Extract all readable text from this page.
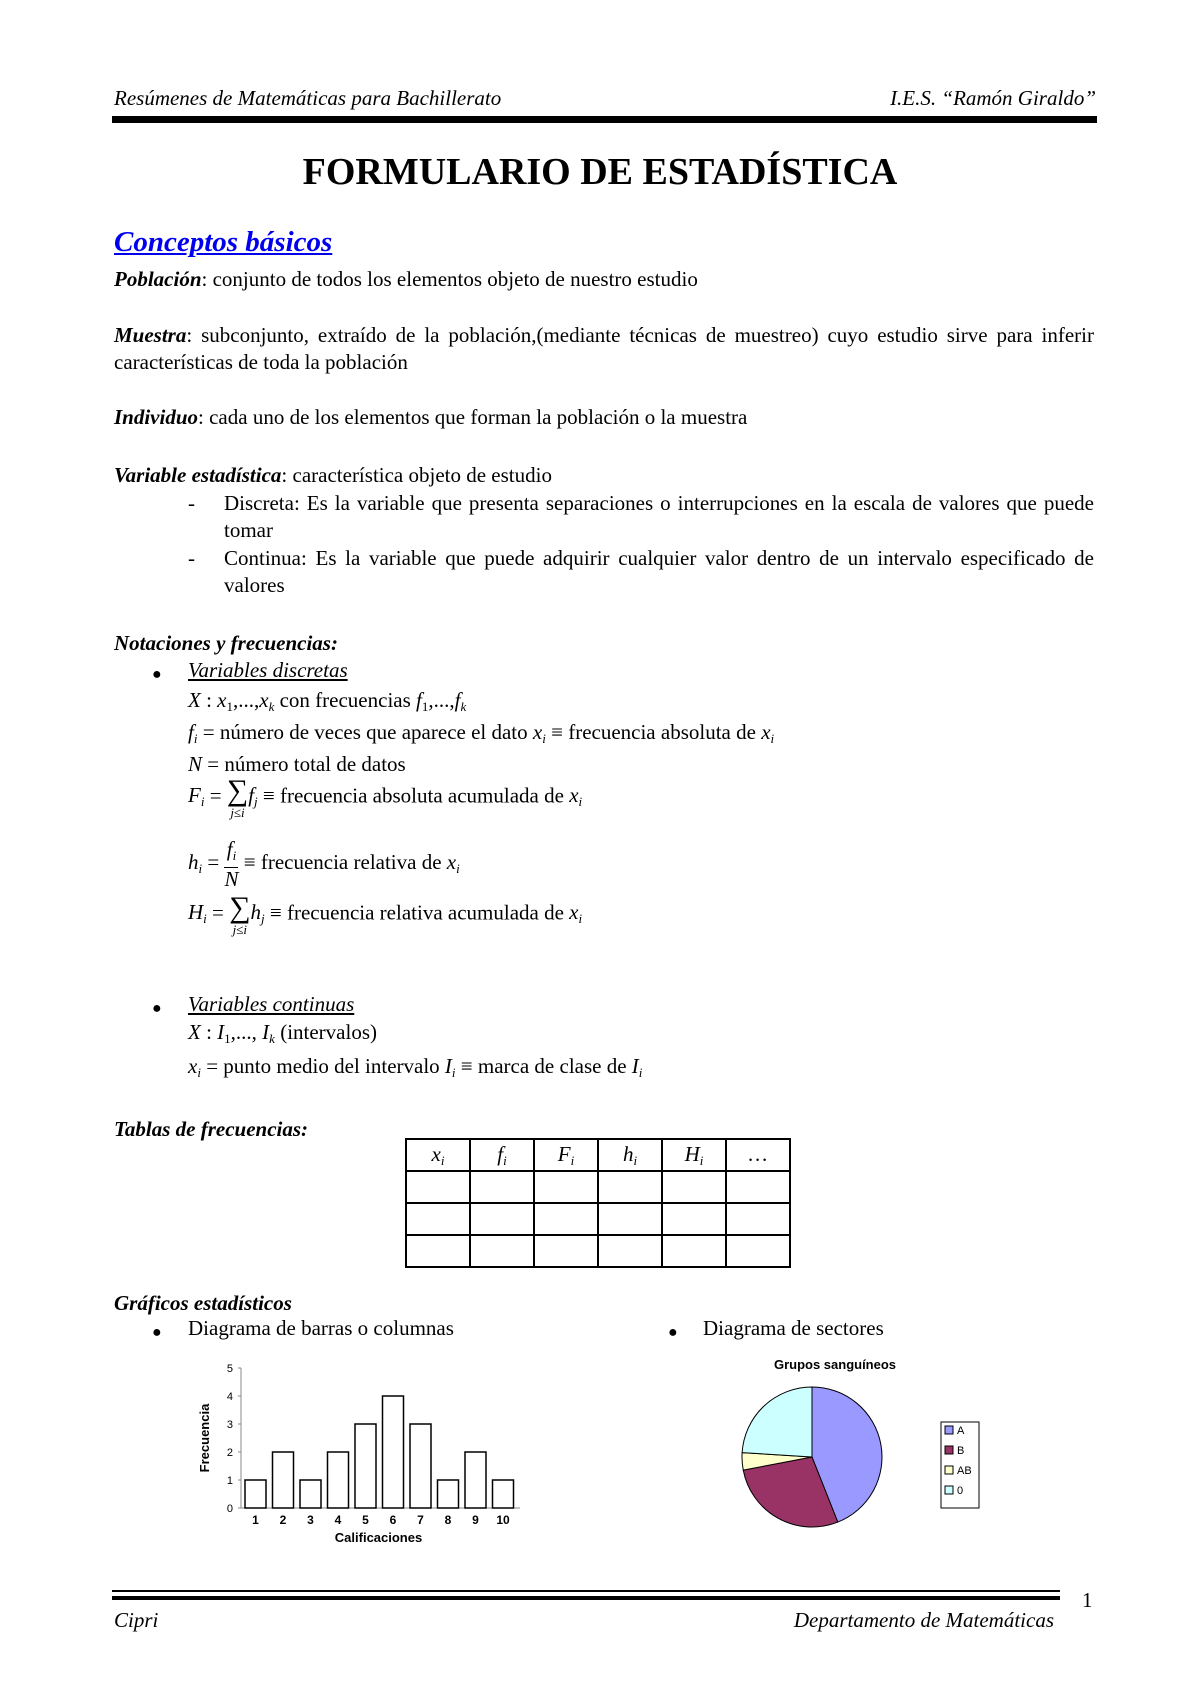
Resúmenes de Matemáticas para Bachillerato	I.E.S. “Ramón Giraldo”
FORMULARIO DE ESTADÍSTICA
Conceptos básicos
Población: conjunto de todos los elementos objeto de nuestro estudio
Muestra: subconjunto, extraído de la población,(mediante técnicas de muestreo) cuyo estudio sirve para inferir características de toda la población
Individuo: cada uno de los elementos que forman la población o la muestra
Variable estadística: característica objeto de estudio
- Discreta: Es la variable que presenta separaciones o interrupciones en la escala de valores que puede tomar
- Continua: Es la variable que puede adquirir cualquier valor dentro de un intervalo especificado de valores
Notaciones y frecuencias:
● Variables discretas
X : $x_1,...,x_k$ con frecuencias $f_1,...,f_k$
$f_i$ = número de veces que aparece el dato $x_i$ ≡ frecuencia absoluta de $x_i$
N = número total de datos
$F_i$ = ∑
j≤i
$f_j$ ≡ frecuencia absoluta acumulada de $x_i$
$h_i = \frac{f_i}{N}$ ≡ frecuencia relativa de $x_i$
$H_i$ = ∑
j≤i
$h_j$ ≡ frecuencia relativa acumulada de $x_i$
● Variables continuas
X : $I_1$,..., $I_k$ (intervalos)
$x_i$ = punto medio del intervalo $I_i$ ≡ marca de clase de $I_i$
Tablas de frecuencias:
$x_i$	$f_i$	$F_i$	$h_i$	$H_i$	…

Gráficos estadísticos
● Diagrama de barras o columnas	● Diagrama de sectores
0
1
2
3
4
5
1 2 3 4 5 6 7 8 9 10
Calificaciones
Frecuencia
Grupos sanguíneos
A
B
AB
0
Cipri	Departamento de Matemáticas
1
